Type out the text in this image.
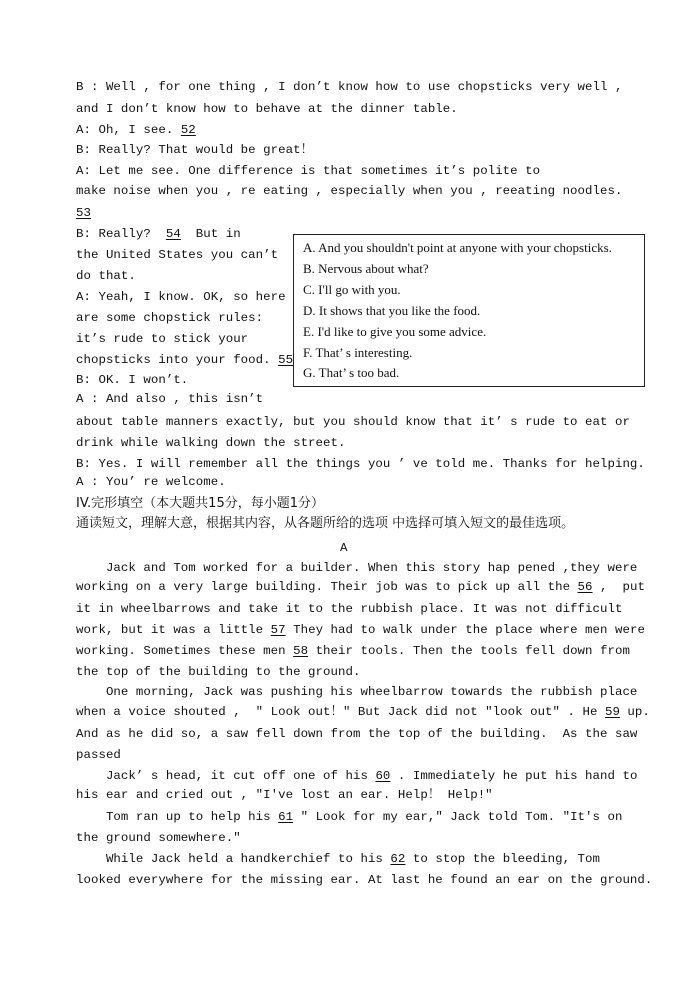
B : Well , for one thing , I don’t know how to use chopsticks very well ,
and I don’t know how to behave at the dinner table.
A: Oh, I see. 52
B: Really? That would be great！
A: Let me see. One difference is that sometimes it’s polite to
make noise when you , re eating , especially when you , reeating noodles.
53
B: Really?  54  But in
the United States you can’t
do that.
A: Yeah, I know. OK, so here
are some chopstick rules:
it’s rude to stick your
chopsticks into your food. 55
B: OK. I won’t.
A : And also , this isn’t
about table manners exactly, but you should know that it’ s rude to eat or
drink while walking down the street.
B: Yes. I will remember all the things you ’ ve told me. Thanks for helping.
A : You’ re welcome.
A. And you shouldn't point at anyone with your chopsticks.
B. Nervous about what?
C. I'll go with you.
D. It shows that you like the food.
E. I'd like to give you some advice.
F. That’ s interesting.
G. That’ s too bad.
IV.完形填空（本大题共15分，每小题1分）
通读短文，理解大意，根据其内容，从各题所给的选项 中选择可填入短文的最佳选项。
A
Jack and Tom worked for a builder. When this story hap pened ,they were
working on a very large building. Their job was to pick up all the 56 ,  put
it in wheelbarrows and take it to the rubbish place. It was not difficult
work, but it was a little 57 They had to walk under the place where men were
working. Sometimes these men 58 their tools. Then the tools fell down from
the top of the building to the ground.
One morning, Jack was pushing his wheelbarrow towards the rubbish place
when a voice shouted ,  ″ Look out！″ But Jack did not ″look out″ . He 59 up.
And as he did so, a saw fell down from the top of the building.  As the saw
passed
Jack’ s head, it cut off one of his 60 . Immediately he put his hand to
his ear and cried out , ″I've lost an ear. Help！ Help!″
Tom ran up to help his 61 ″ Look for my ear,″ Jack told Tom. ″It's on
the ground somewhere.″
While Jack held a handkerchief to his 62 to stop the bleeding, Tom
looked everywhere for the missing ear. At last he found an ear on the ground.
